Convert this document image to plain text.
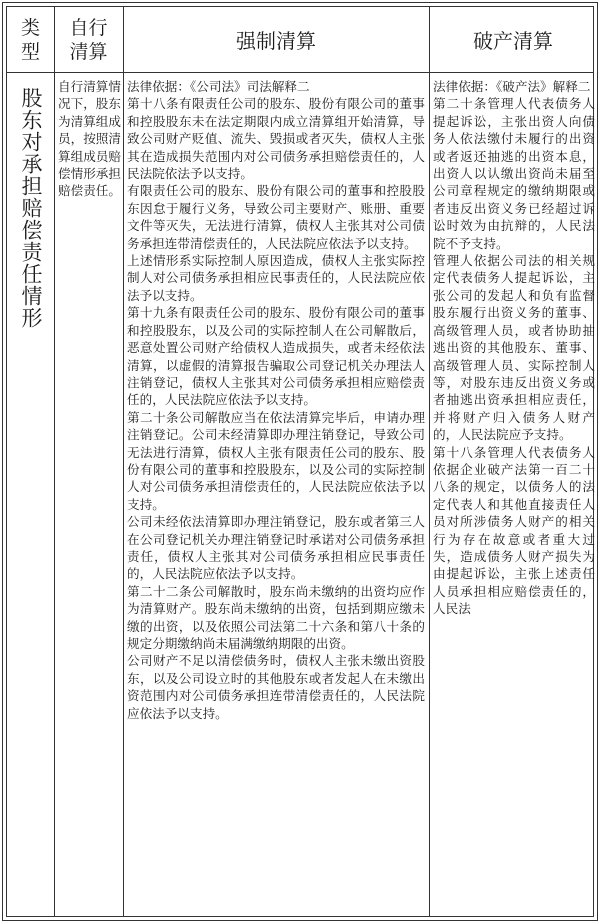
类型
自行清算	强制清算	破产清算
股东对承担赔偿责任情形

自行清算情况下，股东为清算组成员，按照清算组成员赔偿情形承担赔偿责任。

法律依据：《公司法》司法解释二

第十八条有限责任公司的股东、股份有限公司的董事和控股股东未在法定期限内成立清算组开始清算，导致公司财产贬值、流失、毁损或者灭失，债权人主张其在造成损失范围内对公司债务承担赔偿责任的，人民法院依法予以支持。

有限责任公司的股东、股份有限公司的董事和控股股东因怠于履行义务，导致公司主要财产、账册、重要文件等灭失，无法进行清算，债权人主张其对公司债务承担连带清偿责任的，人民法院应依法予以支持。

上述情形系实际控制人原因造成，债权人主张实际控制人对公司债务承担相应民事责任的，人民法院应依法予以支持。

第十九条有限责任公司的股东、股份有限公司的董事和控股股东，以及公司的实际控制人在公司解散后，恶意处置公司财产给债权人造成损失，或者未经依法清算，以虚假的清算报告骗取公司登记机关办理法人注销登记，债权人主张其对公司债务承担相应赔偿责任的，人民法院应依法予以支持。

第二十条公司解散应当在依法清算完毕后，申请办理注销登记。公司未经清算即办理注销登记，导致公司无法进行清算，债权人主张有限责任公司的股东、股份有限公司的董事和控股股东，以及公司的实际控制人对公司债务承担清偿责任的，人民法院应依法予以支持。

公司未经依法清算即办理注销登记，股东或者第三人在公司登记机关办理注销登记时承诺对公司债务承担责任，债权人主张其对公司债务承担相应民事责任的，人民法院应依法予以支持。

第二十二条公司解散时，股东尚未缴纳的出资均应作为清算财产。股东尚未缴纳的出资，包括到期应缴未缴的出资，以及依照公司法第二十六条和第八十条的规定分期缴纳尚未届满缴纳期限的出资。

公司财产不足以清偿债务时，债权人主张未缴出资股东，以及公司设立时的其他股东或者发起人在未缴出资范围内对公司债务承担连带清偿责任的，人民法院应依法予以支持。

法律依据：《破产法》解释二

第二十条管理人代表债务人提起诉讼，主张出资人向债务人依法缴付未履行的出资或者返还抽逃的出资本息，出资人以认缴出资尚未届至公司章程规定的缴纳期限或者违反出资义务已经超过诉讼时效为由抗辩的，人民法院不予支持。

管理人依据公司法的相关规定代表债务人提起诉讼，主张公司的发起人和负有监督股东履行出资义务的董事、高级管理人员，或者协助抽逃出资的其他股东、董事、高级管理人员、实际控制人等，对股东违反出资义务或者抽逃出资承担相应责任，并将财产归入债务人财产的，人民法院应予支持。

第十八条管理人代表债务人依据企业破产法第一百二十八条的规定，以债务人的法定代表人和其他直接责任人员对所涉债务人财产的相关行为存在故意或者重大过失，造成债务人财产损失为由提起诉讼，主张上述责任人员承担相应赔偿责任的，人民法
